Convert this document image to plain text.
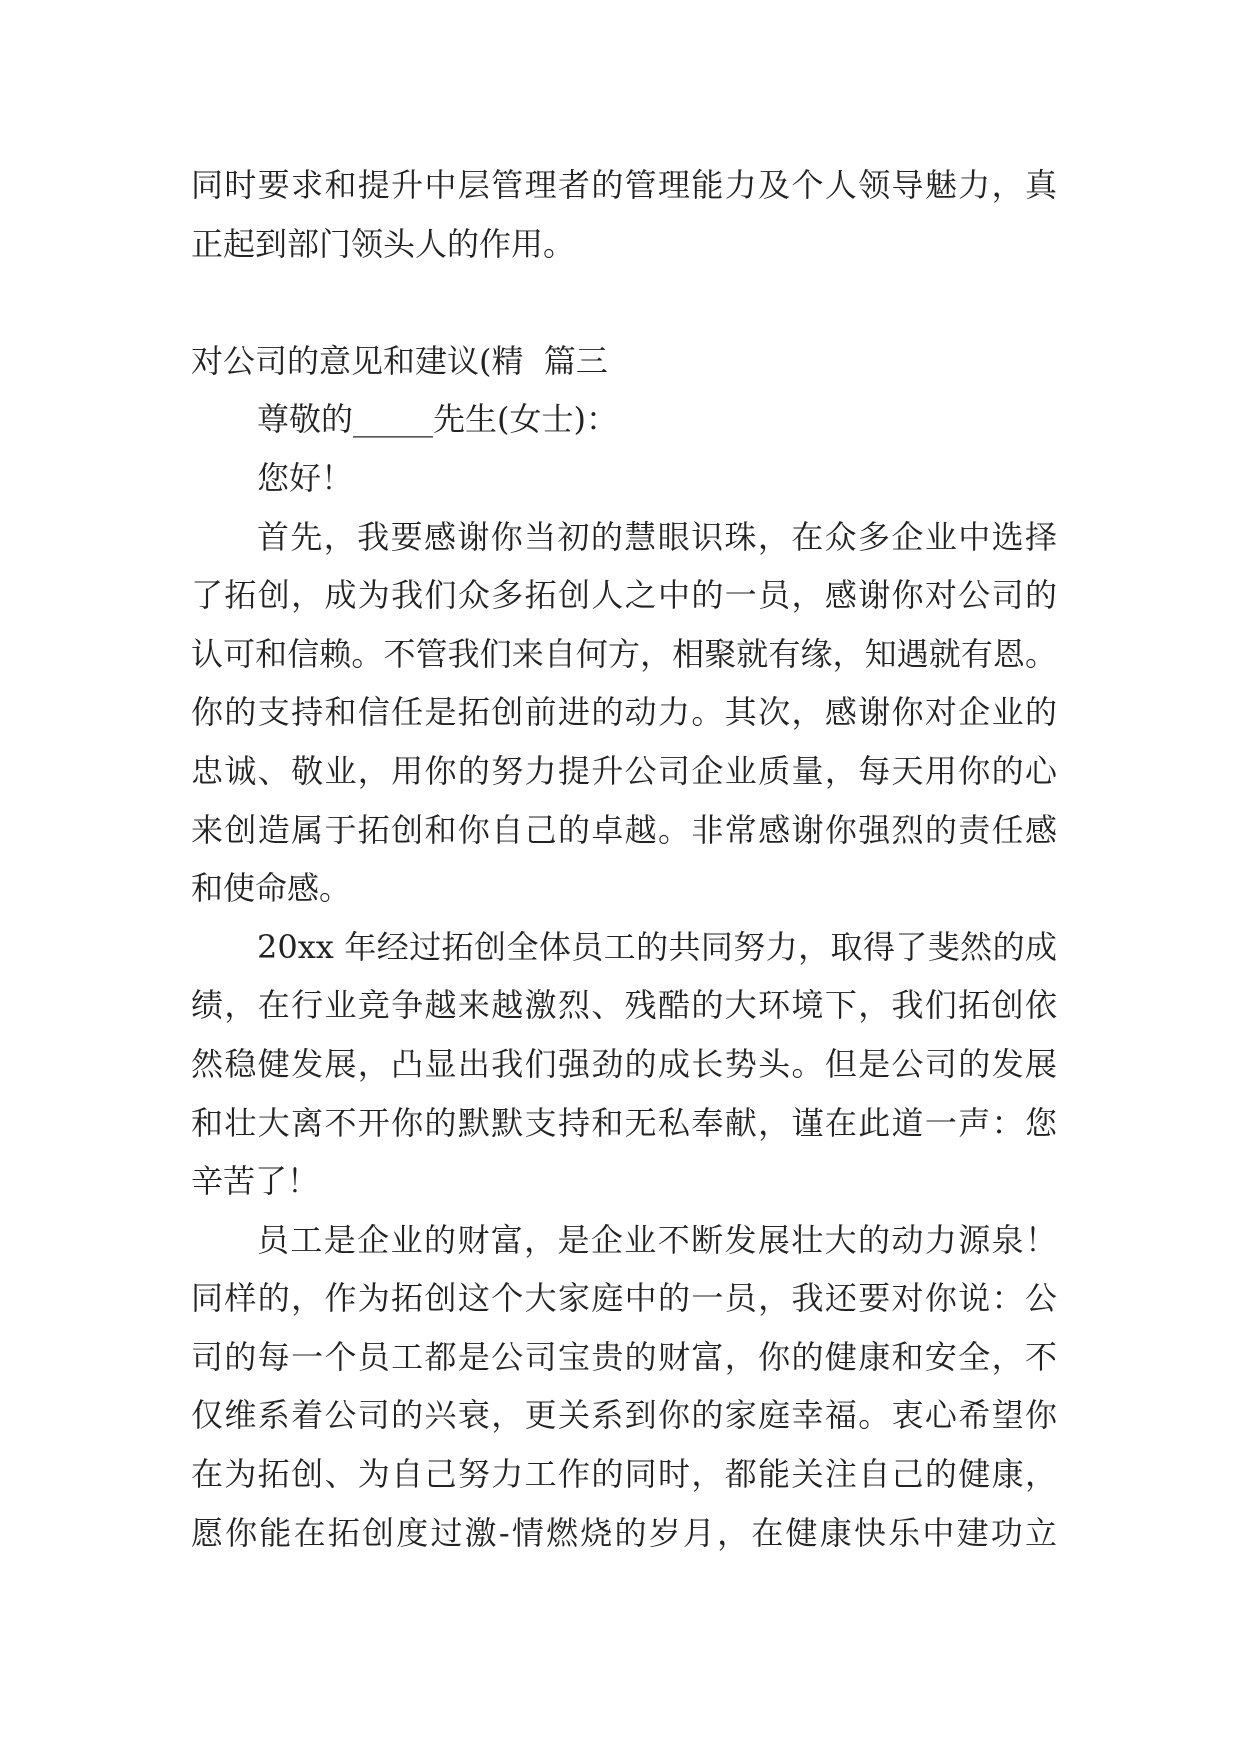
同时要求和提升中层管理者的管理能力及个人领导魅力，真
正起到部门领头人的作用。
对公司的意见和建议(精  篇三
尊敬的_____先生(女士)：
您好！
首先，我要感谢你当初的慧眼识珠，在众多企业中选择
了拓创，成为我们众多拓创人之中的一员，感谢你对公司的
认可和信赖。不管我们来自何方，相聚就有缘，知遇就有恩。
你的支持和信任是拓创前进的动力。其次，感谢你对企业的
忠诚、敬业，用你的努力提升公司企业质量，每天用你的心
来创造属于拓创和你自己的卓越。非常感谢你强烈的责任感
和使命感。
20xx 年经过拓创全体员工的共同努力，取得了斐然的成
绩，在行业竞争越来越激烈、残酷的大环境下，我们拓创依
然稳健发展，凸显出我们强劲的成长势头。但是公司的发展
和壮大离不开你的默默支持和无私奉献，谨在此道一声：您
辛苦了！
员工是企业的财富，是企业不断发展壮大的动力源泉！
同样的，作为拓创这个大家庭中的一员，我还要对你说：公
司的每一个员工都是公司宝贵的财富，你的健康和安全，不
仅维系着公司的兴衰，更关系到你的家庭幸福。衷心希望你
在为拓创、为自己努力工作的同时，都能关注自己的健康，
愿你能在拓创度过激-情燃烧的岁月，在健康快乐中建功立
